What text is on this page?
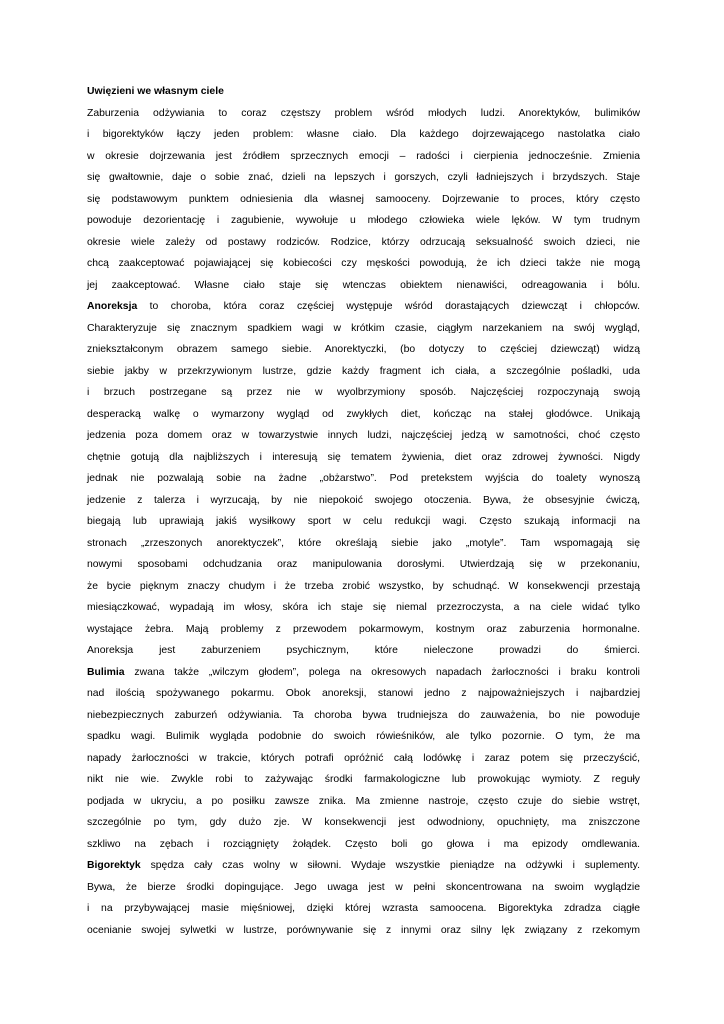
Uwięzieni we własnym ciele
Zaburzenia odżywiania to coraz częstszy problem wśród młodych ludzi. Anorektyków, bulimików
i bigorektyków łączy jeden problem: własne ciało. Dla każdego dojrzewającego nastolatka ciało
w okresie dojrzewania jest źródłem sprzecznych emocji – radości i cierpienia jednocześnie. Zmienia
się gwałtownie, daje o sobie znać, dzieli na lepszych i gorszych, czyli ładniejszych i brzydszych. Staje
się podstawowym punktem odniesienia dla własnej samooceny. Dojrzewanie to proces, który często
powoduje dezorientację i zagubienie, wywołuje u młodego człowieka wiele lęków. W tym trudnym
okresie wiele zależy od postawy rodziców. Rodzice, którzy odrzucają seksualność swoich dzieci, nie
chcą zaakceptować pojawiającej się kobiecości czy męskości powodują, że ich dzieci także nie mogą
jej zaakceptować. Własne ciało staje się wtenczas obiektem nienawiści, odreagowania i bólu.
Anoreksja to choroba, która coraz częściej występuje wśród dorastających dziewcząt i chłopców.
Charakteryzuje się znacznym spadkiem wagi w krótkim czasie, ciągłym narzekaniem na swój wygląd,
zniekształconym obrazem samego siebie. Anorektyczki, (bo dotyczy to częściej dziewcząt) widzą
siebie jakby w przekrzywionym lustrze, gdzie każdy fragment ich ciała, a szczególnie pośladki, uda
i brzuch postrzegane są przez nie w wyolbrzymiony sposób. Najczęściej rozpoczynają swoją
desperacką walkę o wymarzony wygląd od zwykłych diet, kończąc na stałej głodówce. Unikają
jedzenia poza domem oraz w towarzystwie innych ludzi, najczęściej jedzą w samotności, choć często
chętnie gotują dla najbliższych i interesują się tematem żywienia, diet oraz zdrowej żywności. Nigdy
jednak nie pozwalają sobie na żadne „obżarstwo”. Pod pretekstem wyjścia do toalety wynoszą
jedzenie z talerza i wyrzucają, by nie niepokoić swojego otoczenia. Bywa, że obsesyjnie ćwiczą,
biegają lub uprawiają jakiś wysiłkowy sport w celu redukcji wagi. Często szukają informacji na
stronach „zrzeszonych anorektyczek”, które określają siebie jako „motyle”. Tam wspomagają się
nowymi sposobami odchudzania oraz manipulowania dorosłymi. Utwierdzają się w przekonaniu,
że bycie pięknym znaczy chudym i że trzeba zrobić wszystko, by schudnąć. W konsekwencji przestają
miesiączkować, wypadają im włosy, skóra ich staje się niemal przezroczysta, a na ciele widać tylko
wystające żebra. Mają problemy z przewodem pokarmowym, kostnym oraz zaburzenia hormonalne.
Anoreksja jest zaburzeniem psychicznym, które nieleczone prowadzi do śmierci.
Bulimia zwana także „wilczym głodem”, polega na okresowych napadach żarłoczności i braku kontroli
nad ilością spożywanego pokarmu. Obok anoreksji, stanowi jedno z najpoważniejszych i najbardziej
niebezpiecznych zaburzeń odżywiania. Ta choroba bywa trudniejsza do zauważenia, bo nie powoduje
spadku wagi. Bulimik wygląda podobnie do swoich rówieśników, ale tylko pozornie. O tym, że ma
napady żarłoczności w trakcie, których potrafi opróżnić całą lodówkę i zaraz potem się przeczyścić,
nikt nie wie. Zwykle robi to zażywając środki farmakologiczne lub prowokując wymioty. Z reguły
podjada w ukryciu, a po posiłku zawsze znika. Ma zmienne nastroje, często czuje do siebie wstręt,
szczególnie po tym, gdy dużo zje. W konsekwencji jest odwodniony, opuchnięty, ma zniszczone
szkliwo na zębach i rozciągnięty żołądek. Często boli go głowa i ma epizody omdlewania.
Bigorektyk spędza cały czas wolny w siłowni. Wydaje wszystkie pieniądze na odżywki i suplementy.
Bywa, że bierze środki dopingujące. Jego uwaga jest w pełni skoncentrowana na swoim wyglądzie
i na przybywającej masie mięśniowej, dzięki której wzrasta samoocena. Bigorektyka zdradza ciągłe
ocenianie swojej sylwetki w lustrze, porównywanie się z innymi oraz silny lęk związany z rzekomym
